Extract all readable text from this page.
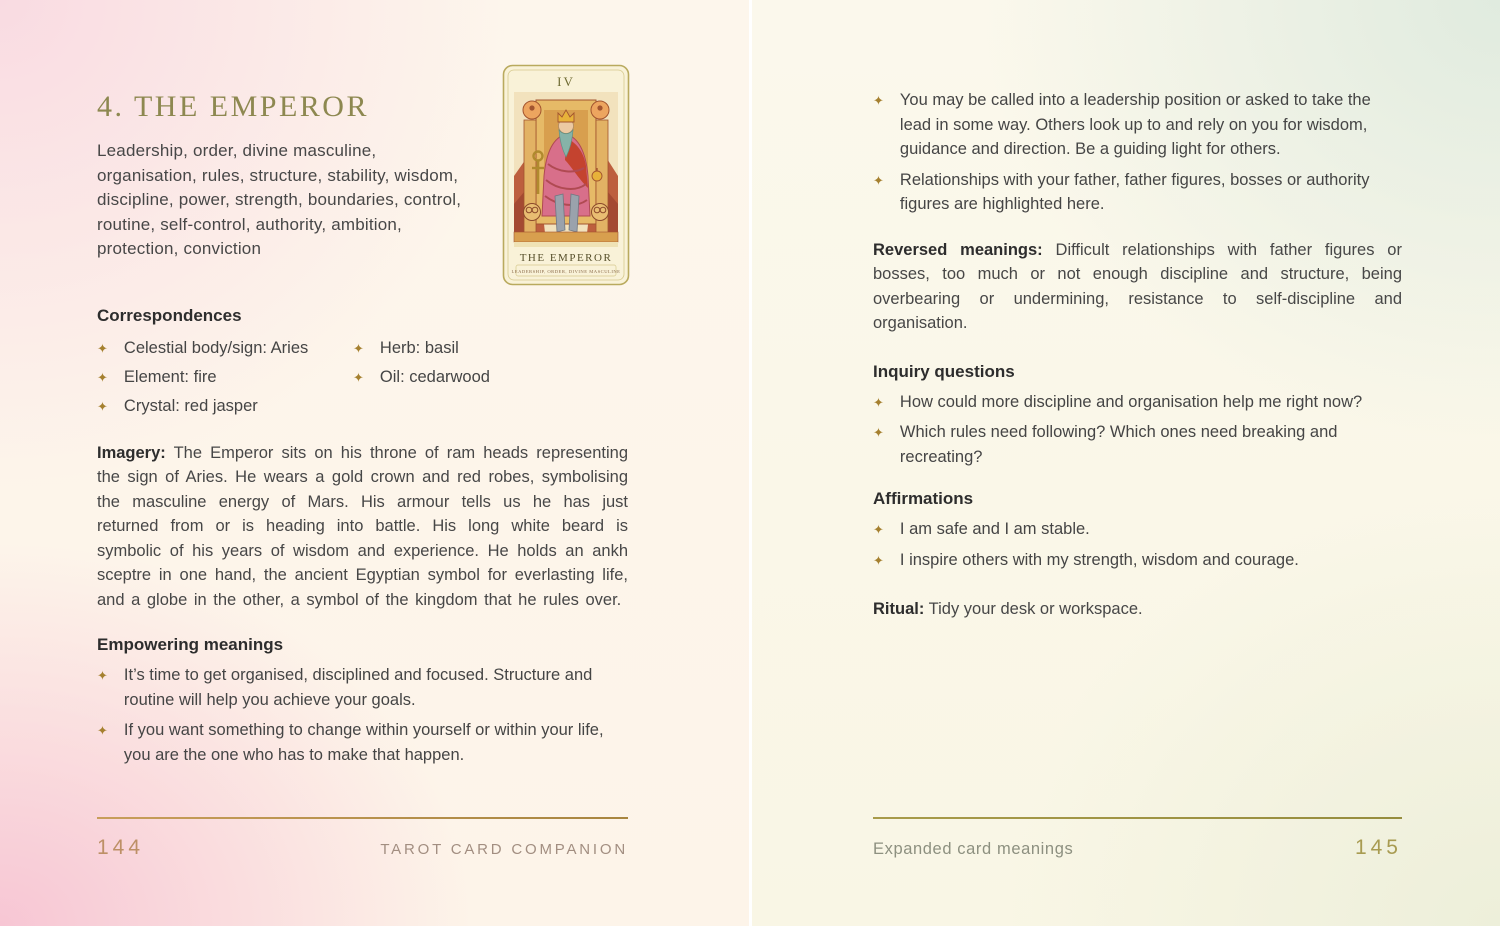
4. THE EMPEROR

Leadership, order, divine masculine, organisation, rules, structure, stability, wisdom, discipline, power, strength, boundaries, control, routine, self-control, authority, ambition, protection, conviction

Correspondences
✦ Celestial body/sign: Aries
✦ Element: fire
✦ Crystal: red jasper
✦ Herb: basil
✦ Oil: cedarwood

Imagery: The Emperor sits on his throne of ram heads representing the sign of Aries. He wears a gold crown and red robes, symbolising the masculine energy of Mars. His armour tells us he has just returned from or is heading into battle. His long white beard is symbolic of his years of wisdom and experience. He holds an ankh sceptre in one hand, the ancient Egyptian symbol for everlasting life, and a globe in the other, a symbol of the kingdom that he rules over.

Empowering meanings
✦ It’s time to get organised, disciplined and focused. Structure and routine will help you achieve your goals.
✦ If you want something to change within yourself or within your life, you are the one who has to make that happen.
IV
THE EMPEROR
LEADERSHIP, ORDER, DIVINE MASCULINE
144	TAROT CARD COMPANION
✦ You may be called into a leadership position or asked to take the lead in some way. Others look up to and rely on you for wisdom, guidance and direction. Be a guiding light for others.
✦ Relationships with your father, father figures, bosses or authority figures are highlighted here.

Reversed meanings: Difficult relationships with father figures or bosses, too much or not enough discipline and structure, being overbearing or undermining, resistance to self-discipline and organisation.

Inquiry questions
✦ How could more discipline and organisation help me right now?
✦ Which rules need following? Which ones need breaking and recreating?
Affirmations
✦ I am safe and I am stable.
✦ I inspire others with my strength, wisdom and courage.

Ritual: Tidy your desk or workspace.

Expanded card meanings	145
